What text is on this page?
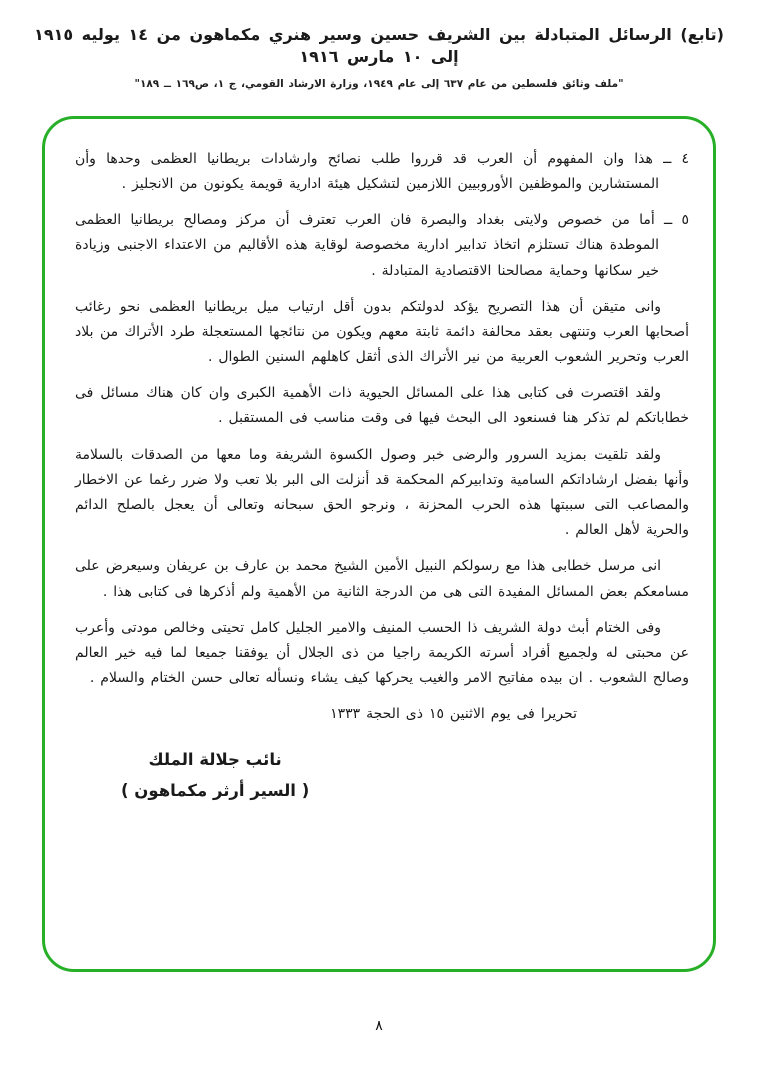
(تابع) الرسائل المتبادلة بين الشريف حسين وسير هنري مكماهون من ١٤ يوليه ١٩١٥ إلى ١٠ مارس ١٩١٦
"ملف وثائق فلسطين من عام ٦٣٧ إلى عام ١٩٤٩، وزارة الارشاد القومي، ج ١، ص١٦٩ ــ ١٨٩"

٤ ــ هذا وان المفهوم أن العرب قد قرروا طلب نصائح وارشادات بريطانيا العظمى وحدها وأن المستشارين والموظفين الأوروبيين اللازمين لتشكيل هيئة ادارية قويمة يكونون من الانجليز .

٥ ــ أما من خصوص ولايتى بغداد والبصرة فان العرب تعترف أن مركز ومصالح بريطانيا العظمى الموطدة هناك تستلزم اتخاذ تدابير ادارية مخصوصة لوقاية هذه الأقاليم من الاعتداء الاجنبى وزيادة خير سكانها وحماية مصالحنا الاقتصادية المتبادلة .

وانى متيقن أن هذا التصريح يؤكد لدولتكم بدون أقل ارتياب ميل بريطانيا العظمى نحو رغائب أصحابها العرب وتنتهى بعقد محالفة دائمة ثابتة معهم ويكون من نتائجها المستعجلة طرد الأتراك من بلاد العرب وتحرير الشعوب العربية من نير الأتراك الذى أثقل كاهلهم السنين الطوال .

ولقد اقتصرت فى كتابى هذا على المسائل الحيوية ذات الأهمية الكبرى وان كان هناك مسائل فى خطاباتكم لم تذكر هنا فسنعود الى البحث فيها فى وقت مناسب فى المستقبل .

ولقد تلقيت بمزيد السرور والرضى خبر وصول الكسوة الشريفة وما معها من الصدقات بالسلامة وأنها بفضل ارشاداتكم السامية وتدابيركم المحكمة قد أنزلت الى البر بلا تعب ولا ضرر رغما عن الاخطار والمصاعب التى سببتها هذه الحرب المحزنة ، ونرجو الحق سبحانه وتعالى أن يعجل بالصلح الدائم والحرية لأهل العالم .

انى مرسل خطابى هذا مع رسولكم النبيل الأمين الشيخ محمد بن عارف بن عريفان وسيعرض على مسامعكم بعض المسائل المفيدة التى هى من الدرجة الثانية من الأهمية ولم أذكرها فى كتابى هذا .

وفى الختام أبث دولة الشريف ذا الحسب المنيف والامير الجليل كامل تحيتى وخالص مودتى وأعرب عن محبتى له ولجميع أفراد أسرته الكريمة راجيا من ذى الجلال أن يوفقنا جميعا لما فيه خير العالم وصالح الشعوب . ان بيده مفاتيح الامر والغيب يحركها كيف يشاء ونسأله تعالى حسن الختام والسلام .

تحريرا فى يوم الاثنين ١٥ ذى الحجة ١٣٣٣

نائب جلالة الملك
( السير أرثر مكماهون )
٨
